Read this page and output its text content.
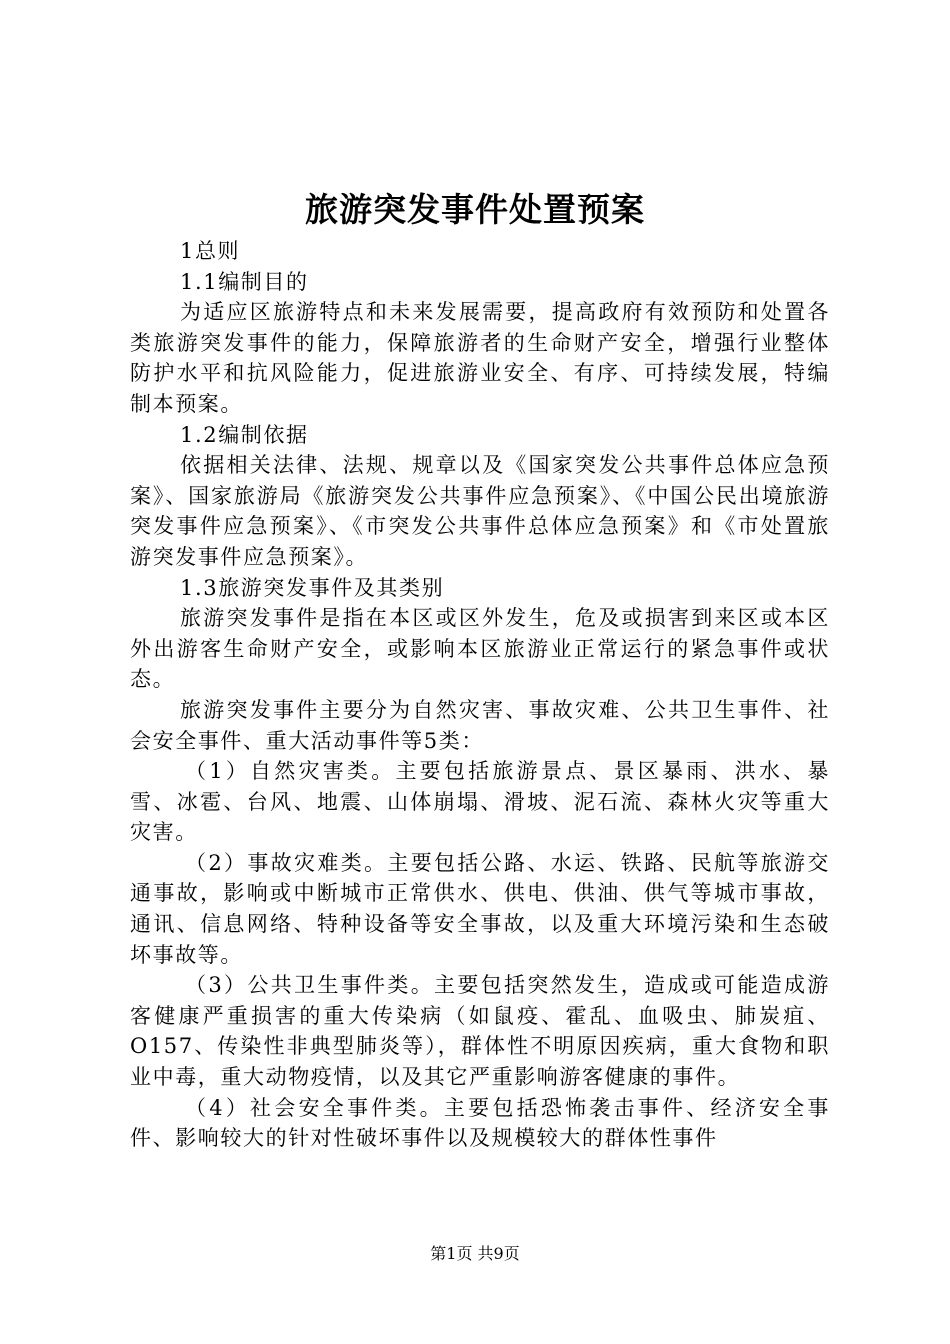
旅游突发事件处置预案

1总则

1.1编制目的

为适应区旅游特点和未来发展需要，提高政府有效预防和处置各类旅游突发事件的能力，保障旅游者的生命财产安全，增强行业整体防护水平和抗风险能力，促进旅游业安全、有序、可持续发展，特编制本预案。

1.2编制依据

依据相关法律、法规、规章以及《国家突发公共事件总体应急预案》、国家旅游局《旅游突发公共事件应急预案》、《中国公民出境旅游突发事件应急预案》、《市突发公共事件总体应急预案》和《市处置旅游突发事件应急预案》。

1.3旅游突发事件及其类别

旅游突发事件是指在本区或区外发生，危及或损害到来区或本区外出游客生命财产安全，或影响本区旅游业正常运行的紧急事件或状态。

旅游突发事件主要分为自然灾害、事故灾难、公共卫生事件、社会安全事件、重大活动事件等5类：

（1）自然灾害类。主要包括旅游景点、景区暴雨、洪水、暴雪、冰雹、台风、地震、山体崩塌、滑坡、泥石流、森林火灾等重大灾害。

（2）事故灾难类。主要包括公路、水运、铁路、民航等旅游交通事故，影响或中断城市正常供水、供电、供油、供气等城市事故，通讯、信息网络、特种设备等安全事故，以及重大环境污染和生态破坏事故等。

（3）公共卫生事件类。主要包括突然发生，造成或可能造成游客健康严重损害的重大传染病（如鼠疫、霍乱、血吸虫、肺炭疽、O157、传染性非典型肺炎等），群体性不明原因疾病，重大食物和职业中毒，重大动物疫情，以及其它严重影响游客健康的事件。

（4）社会安全事件类。主要包括恐怖袭击事件、经济安全事件、影响较大的针对性破坏事件以及规模较大的群体性事件

第1页 共9页
